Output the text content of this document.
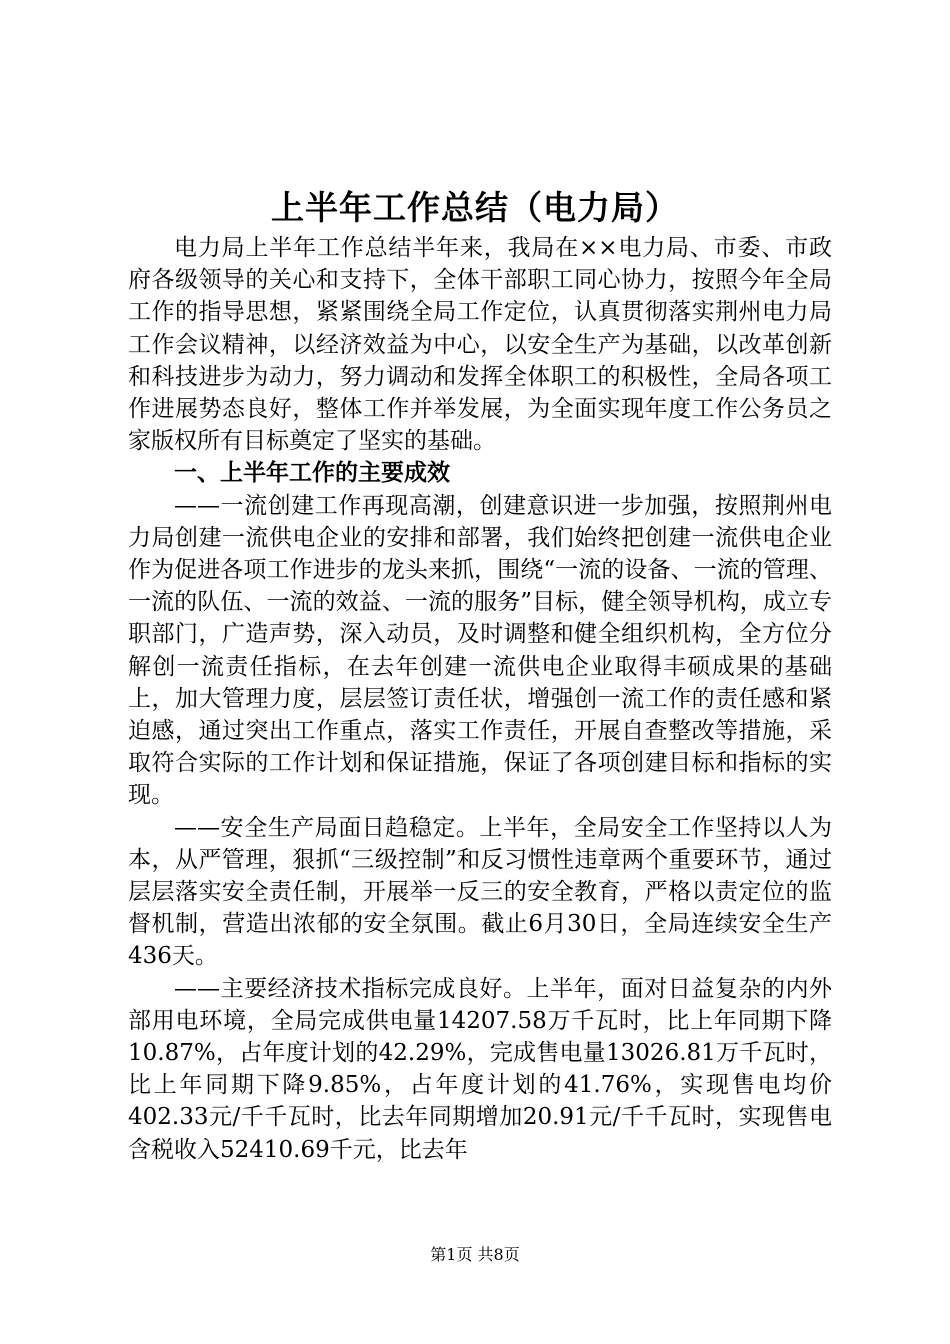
上半年工作总结（电力局）

电力局上半年工作总结半年来，我局在××电力局、市委、市政府各级领导的关心和支持下，全体干部职工同心协力，按照今年全局工作的指导思想，紧紧围绕全局工作定位，认真贯彻落实荆州电力局工作会议精神，以经济效益为中心，以安全生产为基础，以改革创新和科技进步为动力，努力调动和发挥全体职工的积极性，全局各项工作进展势态良好，整体工作并举发展，为全面实现年度工作公务员之家版权所有目标奠定了坚实的基础。

一、上半年工作的主要成效

——一流创建工作再现高潮，创建意识进一步加强，按照荆州电力局创建一流供电企业的安排和部署，我们始终把创建一流供电企业作为促进各项工作进步的龙头来抓，围绕“一流的设备、一流的管理、一流的队伍、一流的效益、一流的服务”目标，健全领导机构，成立专职部门，广造声势，深入动员，及时调整和健全组织机构，全方位分解创一流责任指标，在去年创建一流供电企业取得丰硕成果的基础上，加大管理力度，层层签订责任状，增强创一流工作的责任感和紧迫感，通过突出工作重点，落实工作责任，开展自查整改等措施，采取符合实际的工作计划和保证措施，保证了各项创建目标和指标的实现。

——安全生产局面日趋稳定。上半年，全局安全工作坚持以人为本，从严管理，狠抓“三级控制”和反习惯性违章两个重要环节，通过层层落实安全责任制，开展举一反三的安全教育，严格以责定位的监督机制，营造出浓郁的安全氛围。截止6月30日，全局连续安全生产436天。

——主要经济技术指标完成良好。上半年，面对日益复杂的内外部用电环境，全局完成供电量14207.58万千瓦时，比上年同期下降10.87%，占年度计划的42.29%，完成售电量13026.81万千瓦时，比上年同期下降9.85%，占年度计划的41.76%，实现售电均价402.33元/千千瓦时，比去年同期增加20.91元/千千瓦时，实现售电含税收入52410.69千元，比去年

第1页 共8页
